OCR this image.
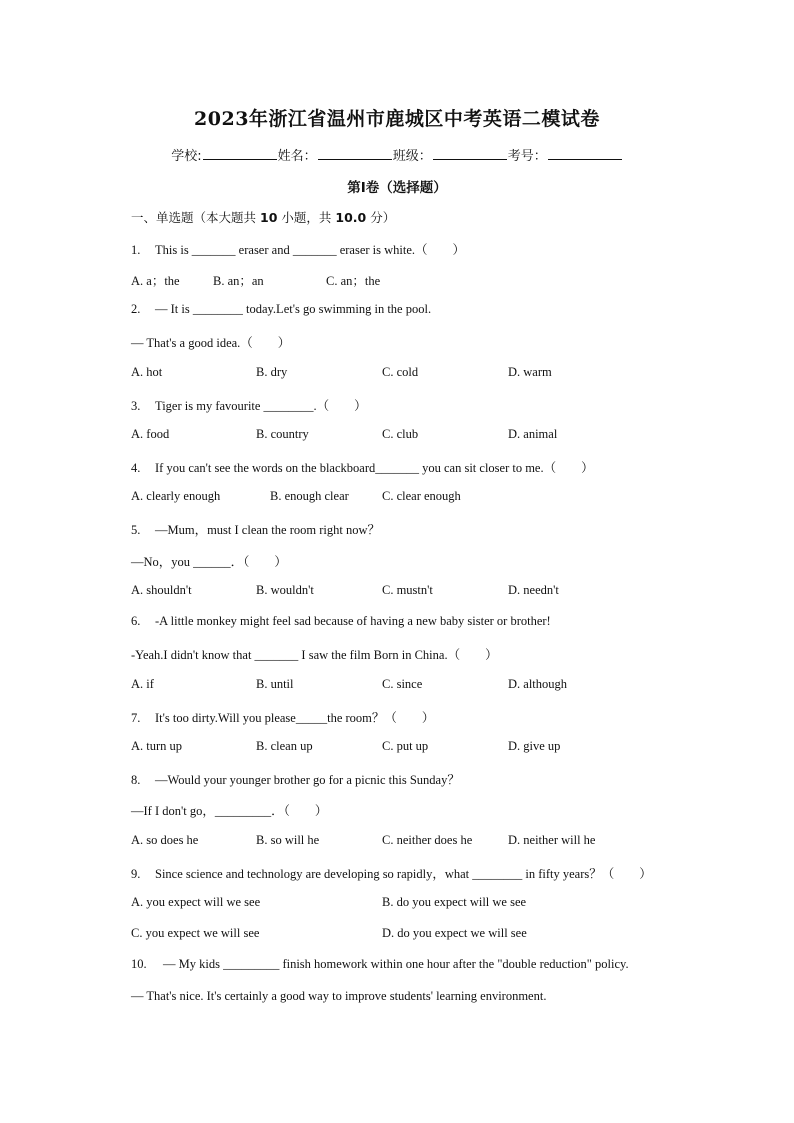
2023年浙江省温州市鹿城区中考英语二模试卷
学校:	姓名：	班级：	考号：
第I卷（选择题）
一、单选题（本大题共 10 小题，共 10.0 分）
1. This is _______ eraser and _______ eraser is white.（　　）
A. a；the	B. an；an	C. an；the
2. — It is ________ today.Let's go swimming in the pool.
— That's a good idea.（　　）
A. hot	B. dry	C. cold	D. warm
3. Tiger is my favourite ________.（　　）
A. food	B. country	C. club	D. animal
4. If you can't see the words on the blackboard_______ you can sit closer to me.（　　）
A. clearly enough	B. enough clear	C. clear enough
5. —Mum，must I clean the room right now？
—No，you ______．（　　）
A. shouldn't	B. wouldn't	C. mustn't	D. needn't
6. -A little monkey might feel sad because of having a new baby sister or brother!
-Yeah.I didn't know that _______ I saw the film Born in China.（　　）
A. if	B. until	C. since	D. although
7. It's too dirty.Will you please_____the room？（　　）
A. turn up	B. clean up	C. put up	D. give up
8. —Would your younger brother go for a picnic this Sunday？
—If I don't go，_________．（　　）
A. so does he	B. so will he	C. neither does he	D. neither will he
9. Since science and technology are developing so rapidly，what ________ in fifty years？（　　）
A. you expect will we see	B. do you expect will we see
C. you expect we will see	D. do you expect we will see
10. — My kids _________ finish homework within one hour after the "double reduction" policy.
— That's nice. It's certainly a good way to improve students' learning environment.
